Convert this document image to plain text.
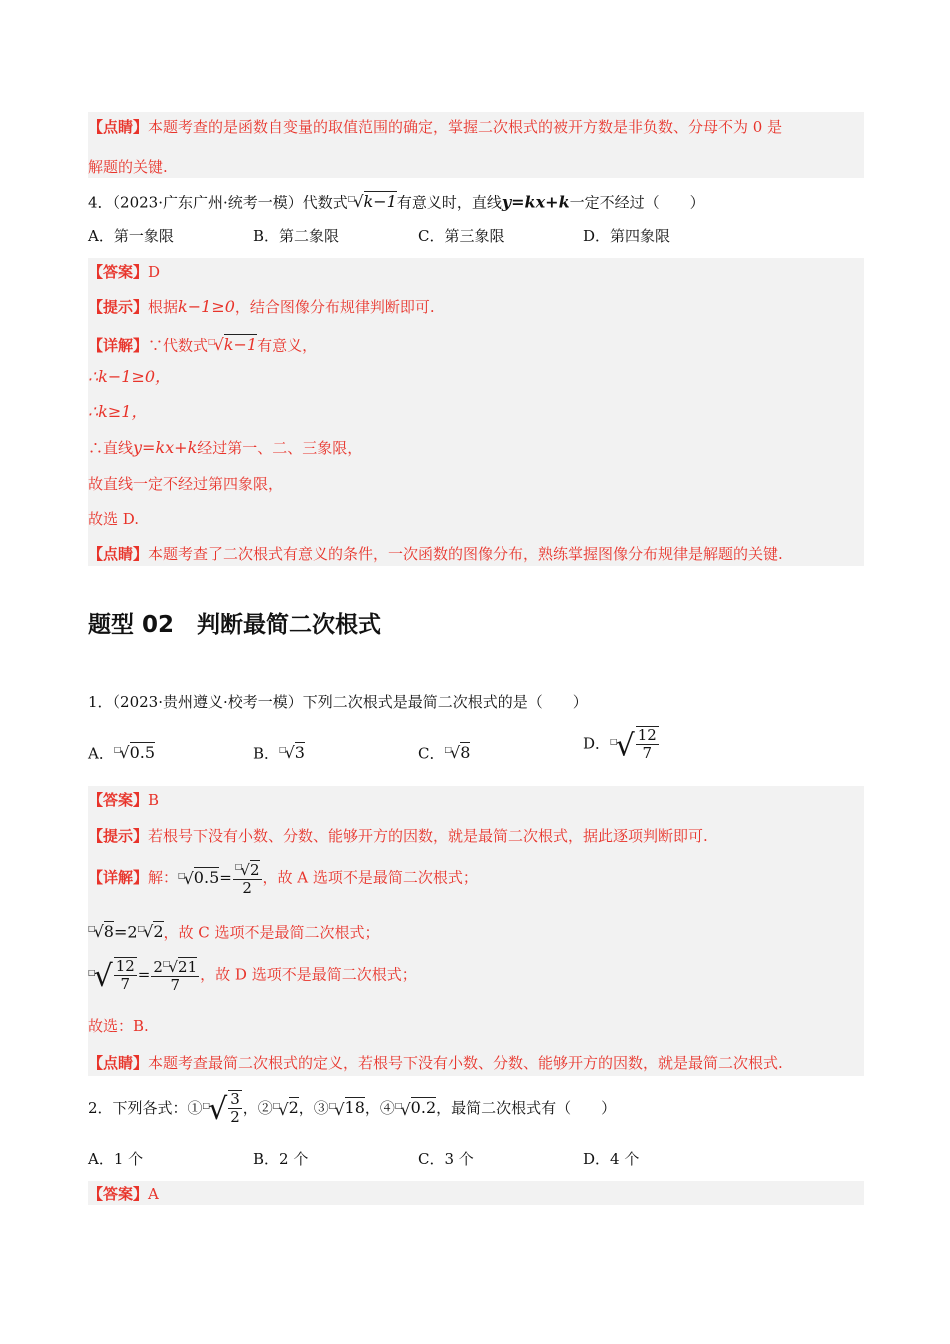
【点睛】本题考查的是函数自变量的取值范围的确定，掌握二次根式的被开方数是非负数、分母不为 0 是
解题的关键.
4．（2023·广东广州·统考一模）代数式□√k−1有意义时，直线y=kx+k一定不经过（　　）
A．第一象限	B．第二象限	C．第三象限	D．第四象限
【答案】D
【提示】根据k−1≥0，结合图像分布规律判断即可.
【详解】∵代数式□√k−1有意义，
∴k−1≥0，
∴k≥1，
∴直线y=kx+k经过第一、二、三象限，
故直线一定不经过第四象限，
故选 D.
【点睛】本题考查了二次根式有意义的条件，一次函数的图像分布，熟练掌握图像分布规律是解题的关键.
题型 02　判断最简二次根式
1．（2023·贵州遵义·校考一模）下列二次根式是最简二次根式的是（　　）
A．□√0.5	B．□√3	C．□√8	D．$^□√ \frac{12}{7}$
【答案】B
【提示】若根号下没有小数、分数、能够开方的因数，就是最简二次根式，据此逐项判断即可.
【详解】解：$^□√0.5= \frac{^□√2}{2}$ ，故 A 选项不是最简二次根式；
□√8=2□√2，故 C 选项不是最简二次根式；
$^□√ \frac{12}{7} = \frac{2^□√21}{7}$ ，故 D 选项不是最简二次根式；
故选：B.
【点睛】本题考查最简二次根式的定义，若根号下没有小数、分数、能够开方的因数，就是最简二次根式.
2．下列各式：①□√ $\frac{3}{2}$ ，②□√2，③□√18，④□√0.2，最简二次根式有（　　）
A．1 个	B．2 个	C．3 个	D．4 个
【答案】A
